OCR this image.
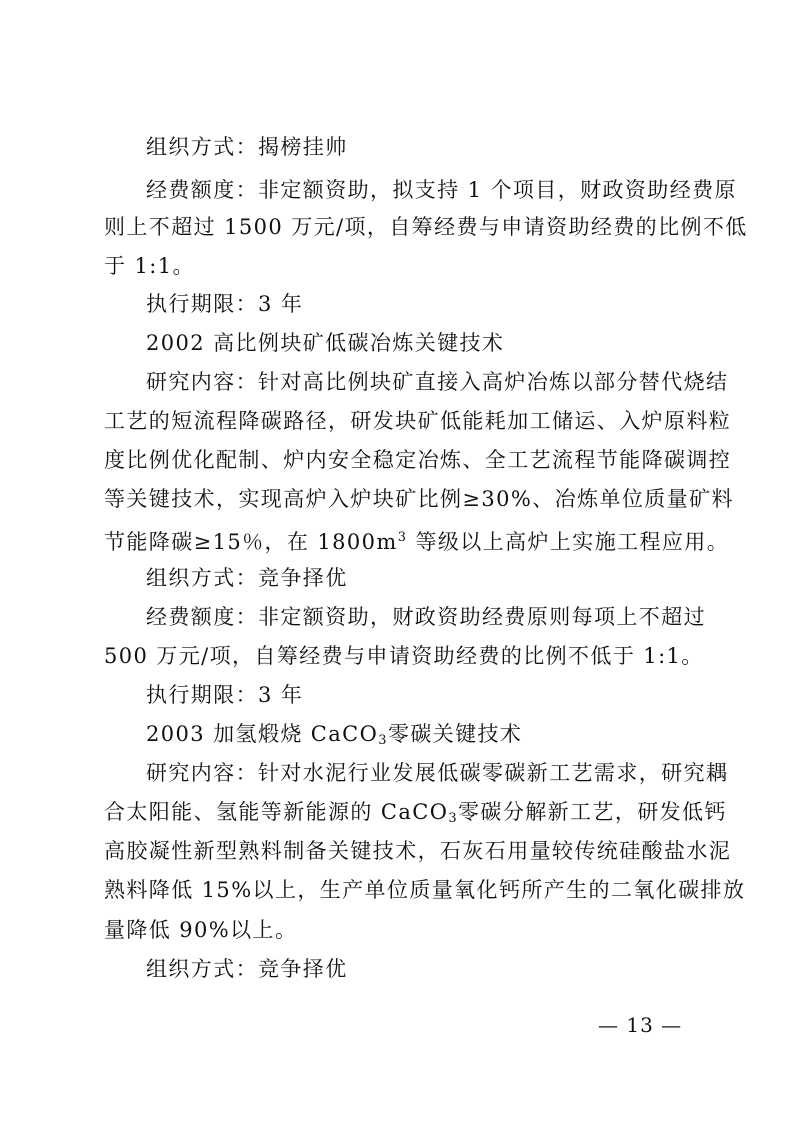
组织方式：揭榜挂帅
经费额度：非定额资助，拟支持 1 个项目，财政资助经费原
则上不超过 1500 万元/项，自筹经费与申请资助经费的比例不低
于 1:1。
执行期限：3 年
2002 高比例块矿低碳冶炼关键技术
研究内容：针对高比例块矿直接入高炉冶炼以部分替代烧结
工艺的短流程降碳路径，研发块矿低能耗加工储运、入炉原料粒
度比例优化配制、炉内安全稳定冶炼、全工艺流程节能降碳调控
等关键技术，实现高炉入炉块矿比例≥30%、冶炼单位质量矿料
节能降碳≥15％，在 $1800m^3$ 等级以上高炉上实施工程应用。
组织方式：竞争择优
经费额度：非定额资助，财政资助经费原则每项上不超过
500 万元/项，自筹经费与申请资助经费的比例不低于 1:1。
执行期限：3 年
2003 加氢煅烧 CaCO$_3$零碳关键技术
研究内容：针对水泥行业发展低碳零碳新工艺需求，研究耦
合太阳能、氢能等新能源的 CaCO$_3$零碳分解新工艺，研发低钙
高胶凝性新型熟料制备关键技术，石灰石用量较传统硅酸盐水泥
熟料降低 15%以上，生产单位质量氧化钙所产生的二氧化碳排放
量降低 90%以上。
组织方式：竞争择优
— 13 —
